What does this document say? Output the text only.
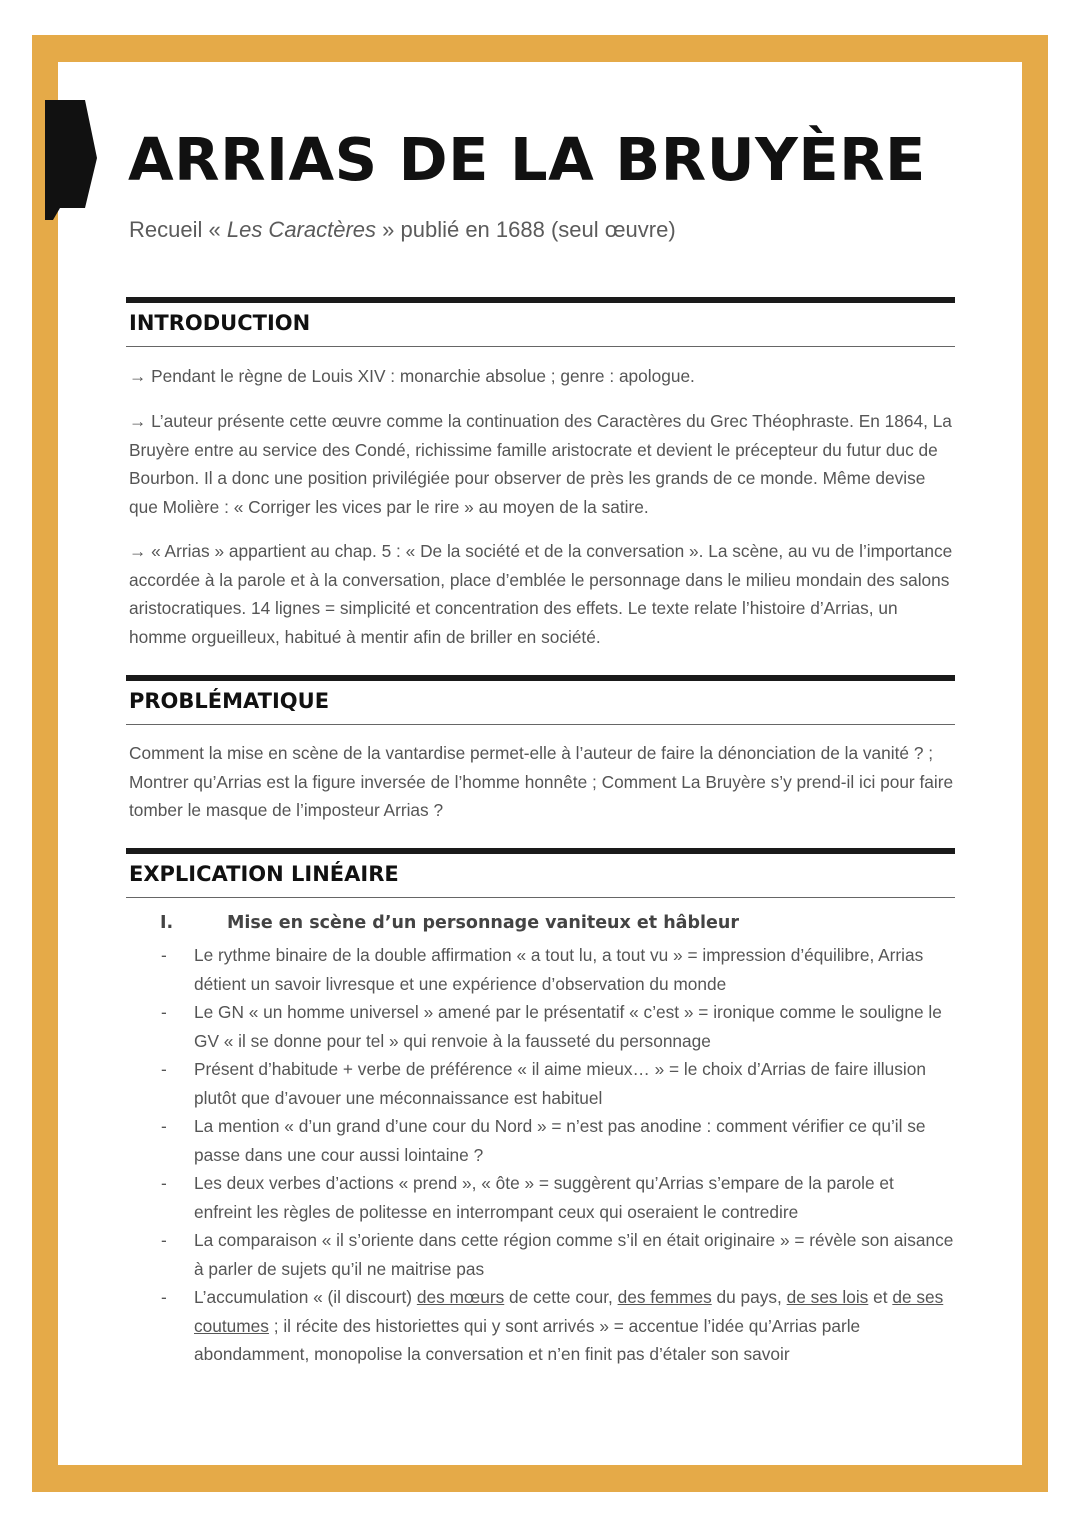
ARRIAS DE LA BRUYÈRE
Recueil « Les Caractères » publié en 1688 (seul œuvre)
INTRODUCTION

→ Pendant le règne de Louis XIV : monarchie absolue ; genre : apologue.

→ L’auteur présente cette œuvre comme la continuation des Caractères du Grec Théophraste. En 1864, La Bruyère entre au service des Condé, richissime famille aristocrate et devient le précepteur du futur duc de Bourbon. Il a donc une position privilégiée pour observer de près les grands de ce monde. Même devise que Molière : « Corriger les vices par le rire » au moyen de la satire.

→ « Arrias » appartient au chap. 5 : « De la société et de la conversation ». La scène, au vu de l’importance accordée à la parole et à la conversation, place d’emblée le personnage dans le milieu mondain des salons aristocratiques. 14 lignes = simplicité et concentration des effets. Le texte relate l’histoire d’Arrias, un homme orgueilleux, habitué à mentir afin de briller en société.

PROBLÉMATIQUE

Comment la mise en scène de la vantardise permet-elle à l’auteur de faire la dénonciation de la vanité ? ; Montrer qu’Arrias est la figure inversée de l’homme honnête ; Comment La Bruyère s’y prend-il ici pour faire tomber le masque de l’imposteur Arrias ?

EXPLICATION LINÉAIRE
I.	Mise en scène d’un personnage vaniteux et hâbleur
- Le rythme binaire de la double affirmation « a tout lu, a tout vu » = impression d’équilibre, Arrias détient un savoir livresque et une expérience d’observation du monde
- Le GN « un homme universel » amené par le présentatif « c’est » = ironique comme le souligne le GV « il se donne pour tel » qui renvoie à la fausseté du personnage
- Présent d’habitude + verbe de préférence « il aime mieux… » = le choix d’Arrias de faire illusion plutôt que d’avouer une méconnaissance est habituel
- La mention « d’un grand d’une cour du Nord » = n’est pas anodine : comment vérifier ce qu’il se passe dans une cour aussi lointaine ?
- Les deux verbes d’actions « prend », « ôte » = suggèrent qu’Arrias s’empare de la parole et enfreint les règles de politesse en interrompant ceux qui oseraient le contredire
- La comparaison « il s’oriente dans cette région comme s’il en était originaire » = révèle son aisance à parler de sujets qu’il ne maitrise pas
- L’accumulation « (il discourt) des mœurs de cette cour, des femmes du pays, de ses lois et de ses coutumes ; il récite des historiettes qui y sont arrivés » = accentue l’idée qu’Arrias parle abondamment, monopolise la conversation et n’en finit pas d’étaler son savoir
